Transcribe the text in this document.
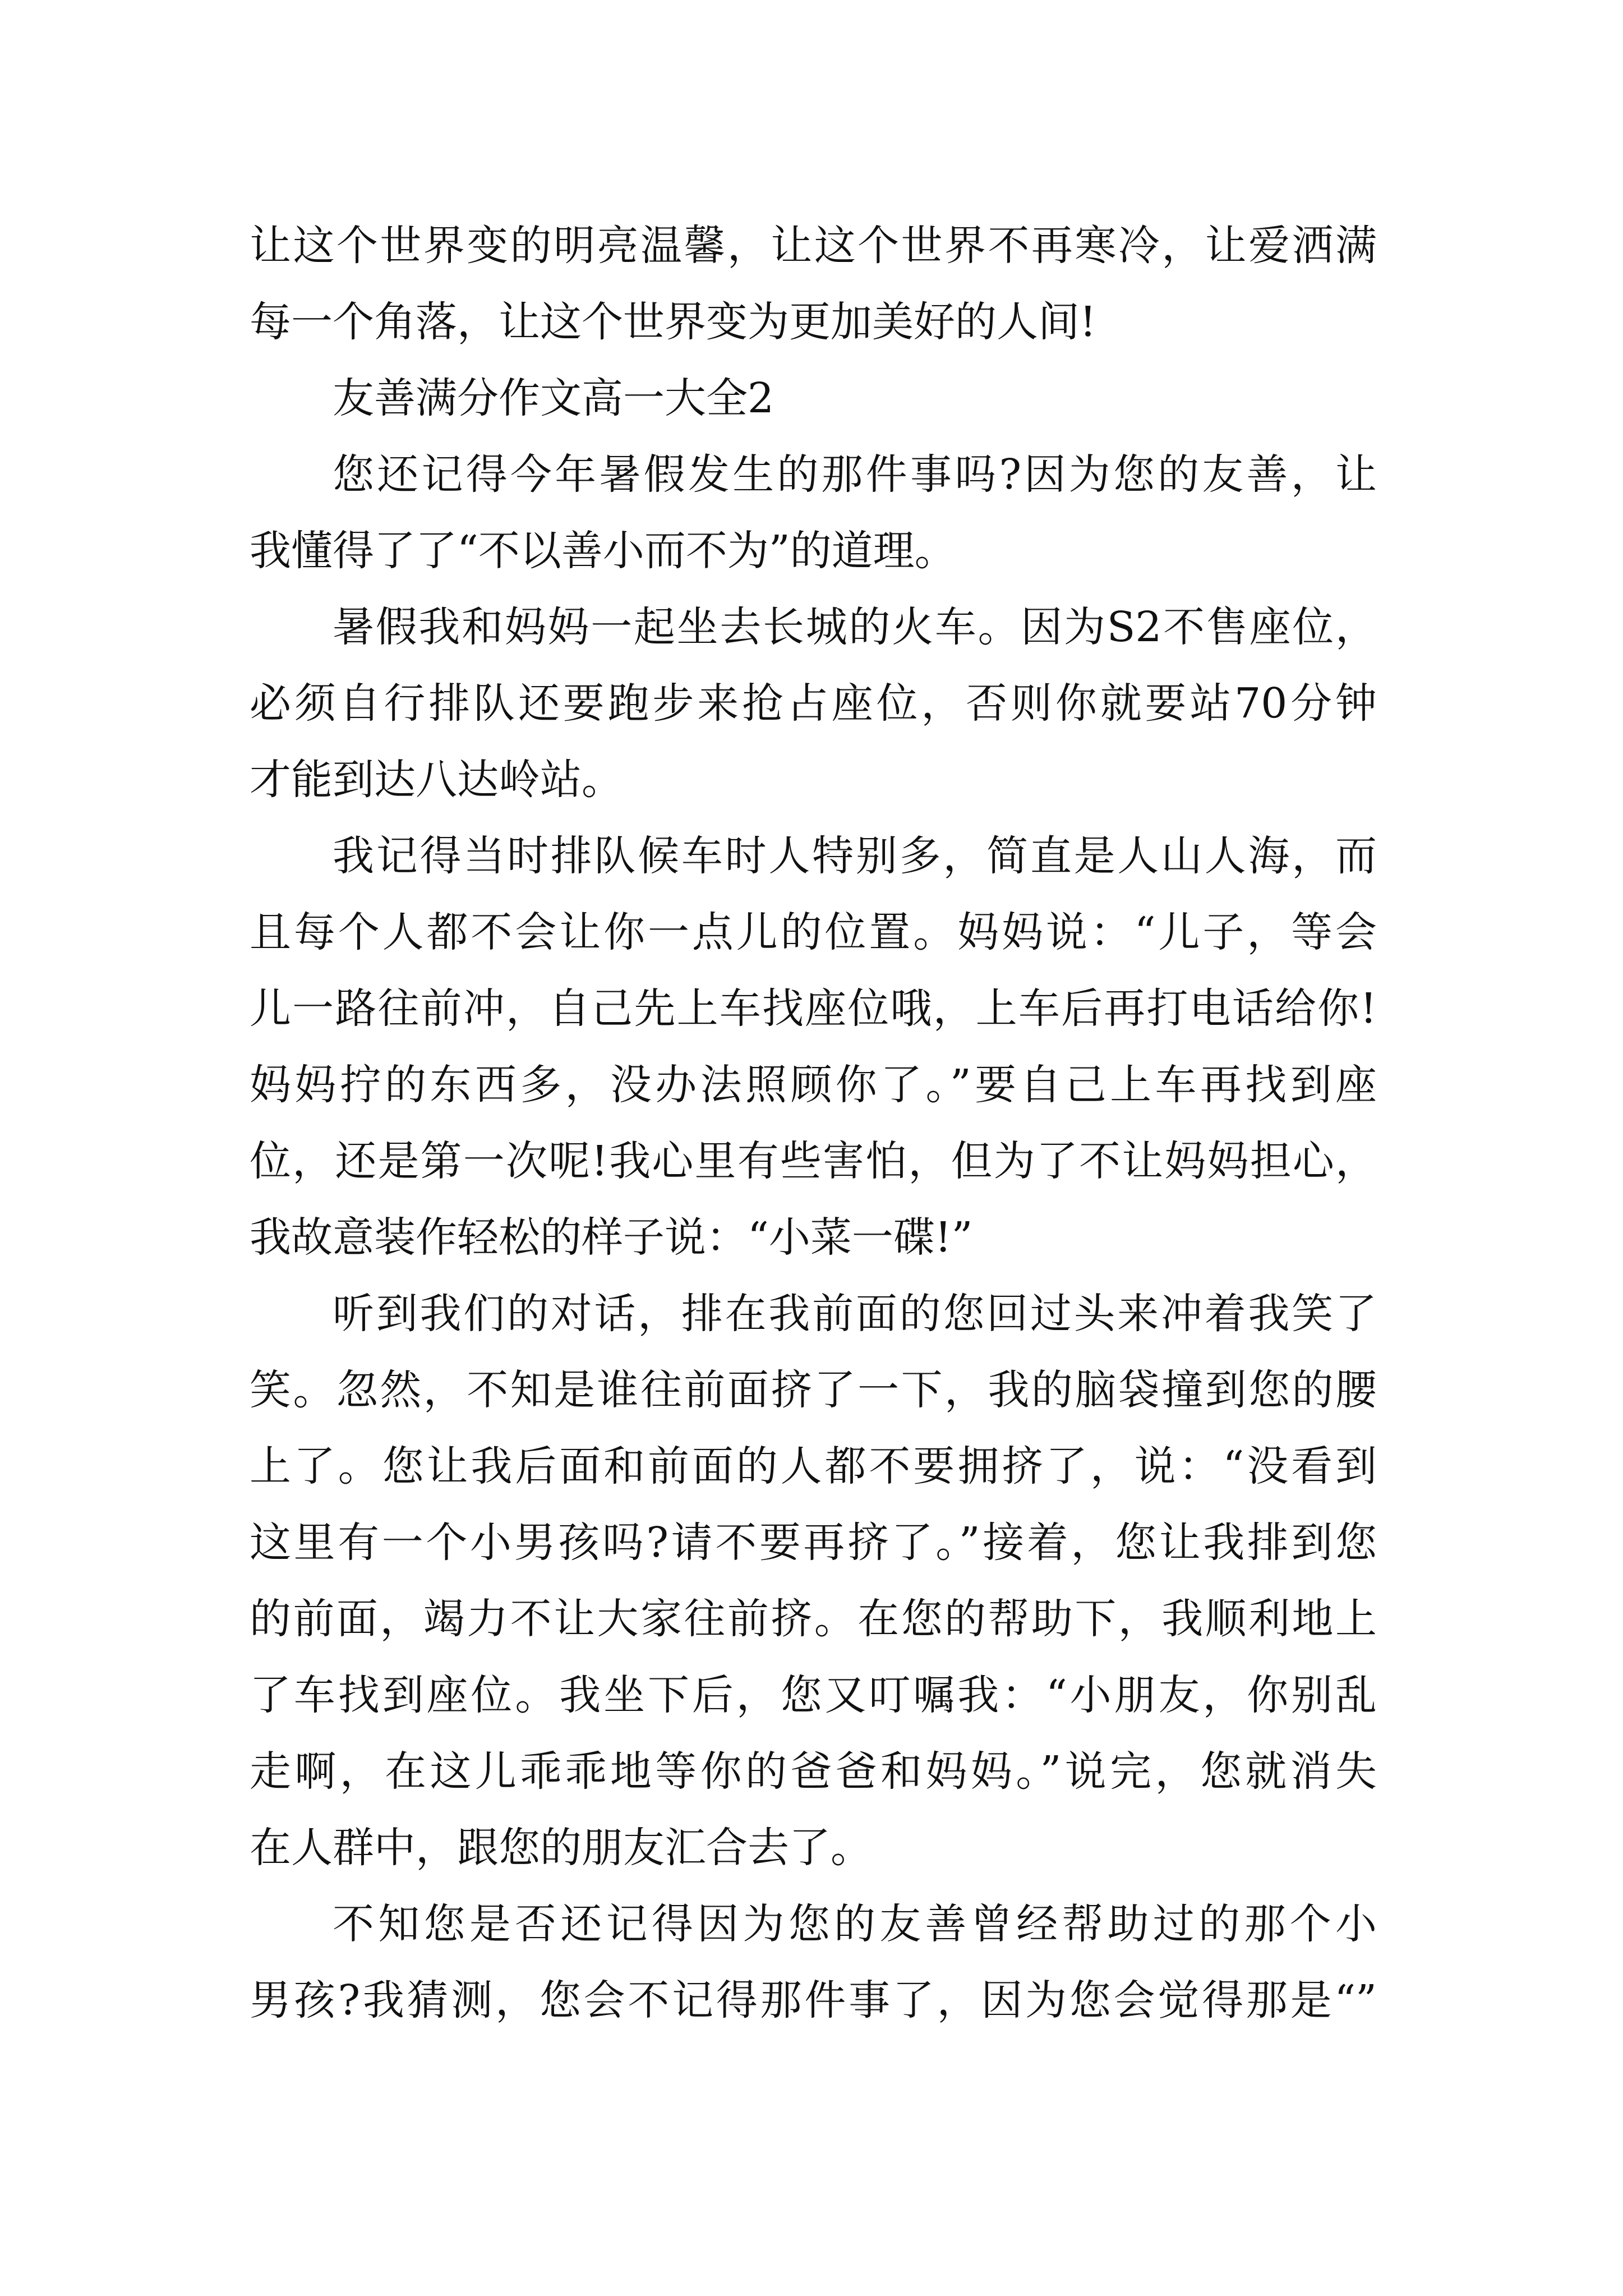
让这个世界变的明亮温馨，让这个世界不再寒冷，让爱洒满
每一个角落，让这个世界变为更加美好的人间!
友善满分作文高一大全2
您还记得今年暑假发生的那件事吗?因为您的友善，让
我懂得了了“不以善小而不为”的道理。
暑假我和妈妈一起坐去长城的火车。因为S2不售座位，
必须自行排队还要跑步来抢占座位，否则你就要站70分钟
才能到达八达岭站。
我记得当时排队候车时人特别多，简直是人山人海，而
且每个人都不会让你一点儿的位置。妈妈说：“儿子，等会
儿一路往前冲，自己先上车找座位哦，上车后再打电话给你!
妈妈拧的东西多，没办法照顾你了。”要自己上车再找到座
位，还是第一次呢!我心里有些害怕，但为了不让妈妈担心，
我故意装作轻松的样子说：“小菜一碟!”
听到我们的对话，排在我前面的您回过头来冲着我笑了
笑。忽然，不知是谁往前面挤了一下，我的脑袋撞到您的腰
上了。您让我后面和前面的人都不要拥挤了，说：“没看到
这里有一个小男孩吗?请不要再挤了。”接着，您让我排到您
的前面，竭力不让大家往前挤。在您的帮助下，我顺利地上
了车找到座位。我坐下后，您又叮嘱我：“小朋友，你别乱
走啊，在这儿乖乖地等你的爸爸和妈妈。”说完，您就消失
在人群中，跟您的朋友汇合去了。
不知您是否还记得因为您的友善曾经帮助过的那个小
男孩?我猜测，您会不记得那件事了，因为您会觉得那是“”
